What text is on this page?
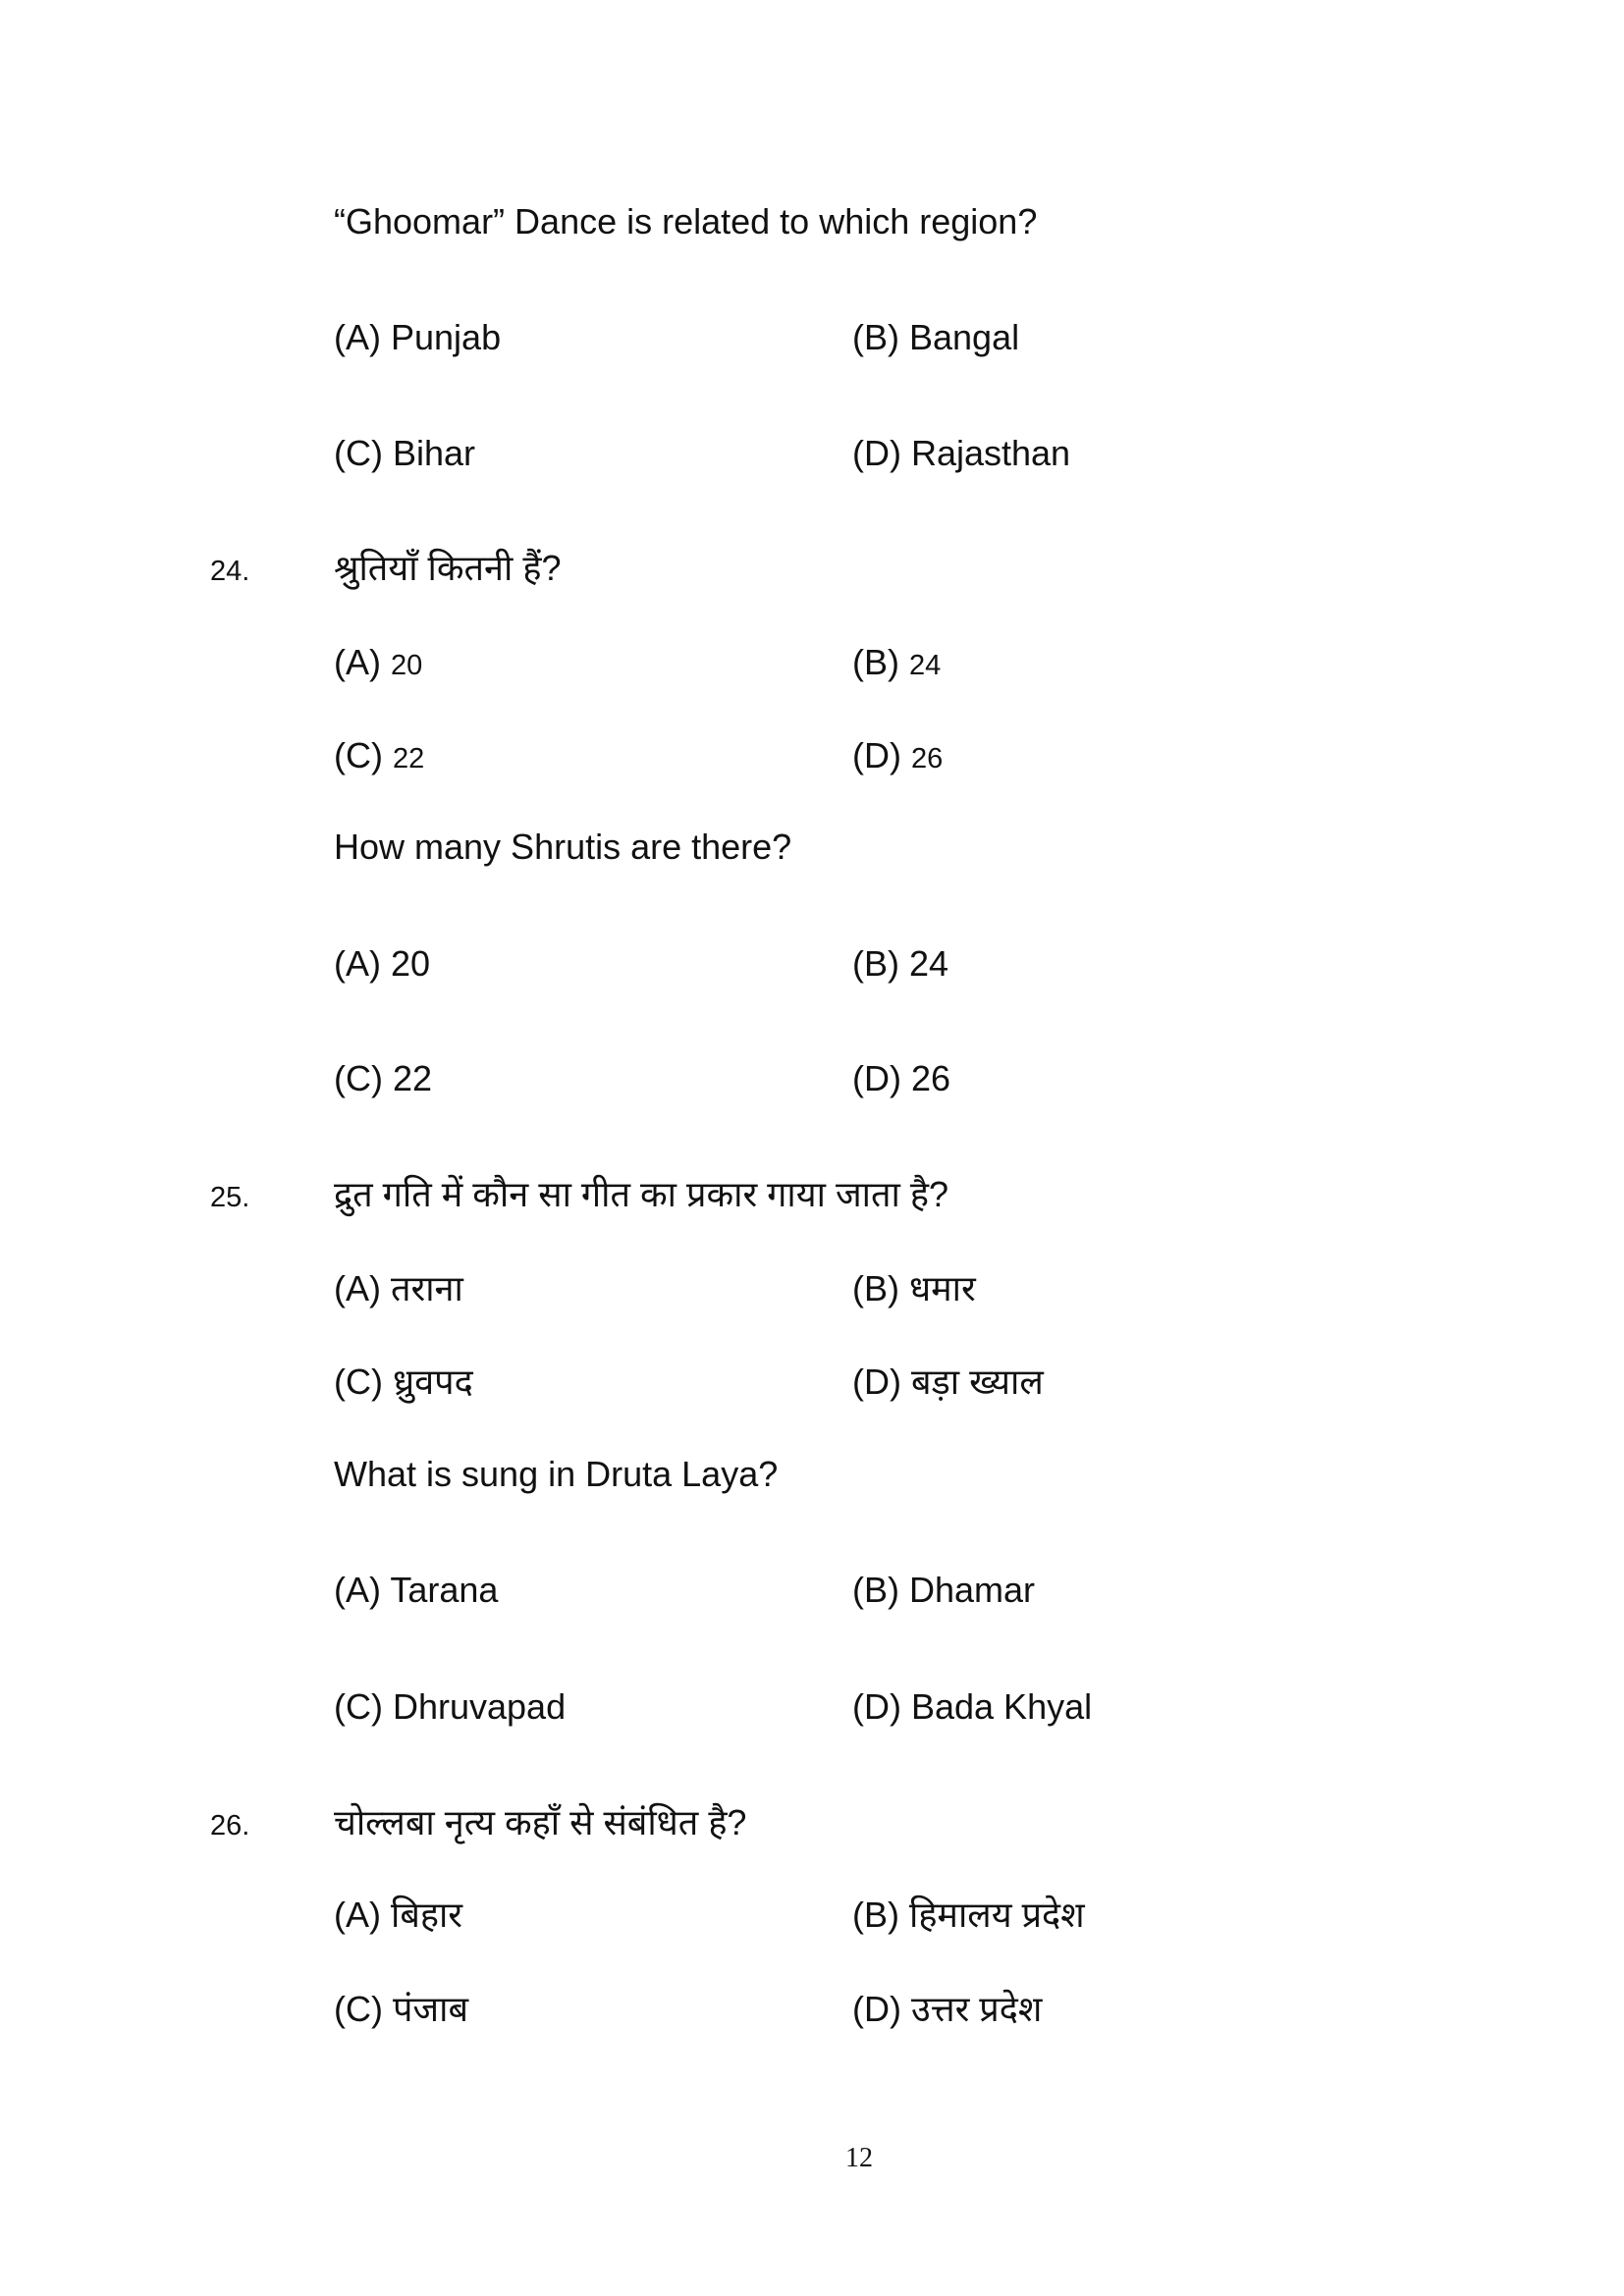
“Ghoomar” Dance is related to which region?
(A) Punjab	(B) Bangal
(C) Bihar	(D) Rajasthan
24. श्रुतियाँ कितनी हैं?
(A) 20	(B) 24
(C) 22	(D) 26
How many Shrutis are there?
(A) 20	(B) 24
(C) 22	(D) 26
25. द्रुत गति में कौन सा गीत का प्रकार गाया जाता है?
(A) तराना	(B) धमार
(C) ध्रुवपद	(D) बड़ा ख्याल
What is sung in Druta Laya?
(A) Tarana	(B) Dhamar
(C) Dhruvapad	(D) Bada Khyal
26. चोल्लबा नृत्य कहाँ से संबंधित है?
(A) बिहार	(B) हिमालय प्रदेश
(C) पंजाब	(D) उत्तर प्रदेश
12
